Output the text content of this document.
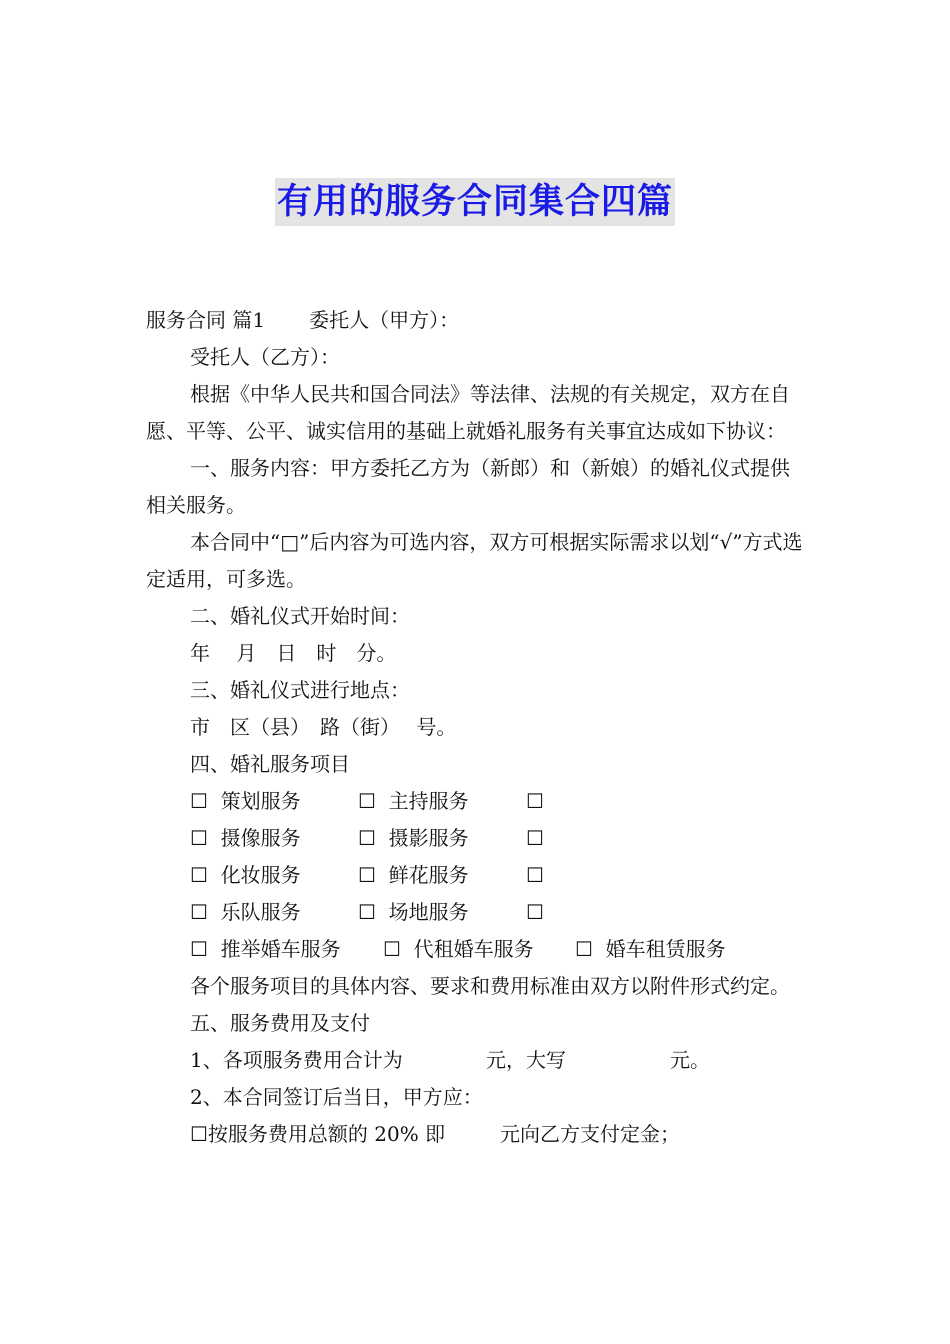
有用的服务合同集合四篇

服务合同 篇1 委托人（甲方）：

受托人（乙方）：

根据《中华人民共和国合同法》等法律、法规的有关规定，双方在自愿、平等、公平、诚实信用的基础上就婚礼服务有关事宜达成如下协议：

一、服务内容：甲方委托乙方为（新郎）和（新娘）的婚礼仪式提供相关服务。

本合同中“□”后内容为可选内容，双方可根据实际需求以划“√”方式选定适用，可多选。

二、婚礼仪式开始时间：

年　 月　日　时　分。

三、婚礼仪式进行地点：

市　区（县）　路（街）　 号。

四、婚礼服务项目

☐  策划服务	☐  主持服务	☐

☐  摄像服务	☐  摄影服务	☐

☐  化妆服务	☐  鲜花服务	☐

☐  乐队服务	☐  场地服务	☐

☐  推举婚车服务 ☐  代租婚车服务 ☐  婚车租赁服务

各个服务项目的具体内容、要求和费用标准由双方以附件形式约定。

五、服务费用及支付

1、各项服务费用合计为	元，大写	元。

2、本合同签订后当日，甲方应：

☐按服务费用总额的 20% 即	元向乙方支付定金；
